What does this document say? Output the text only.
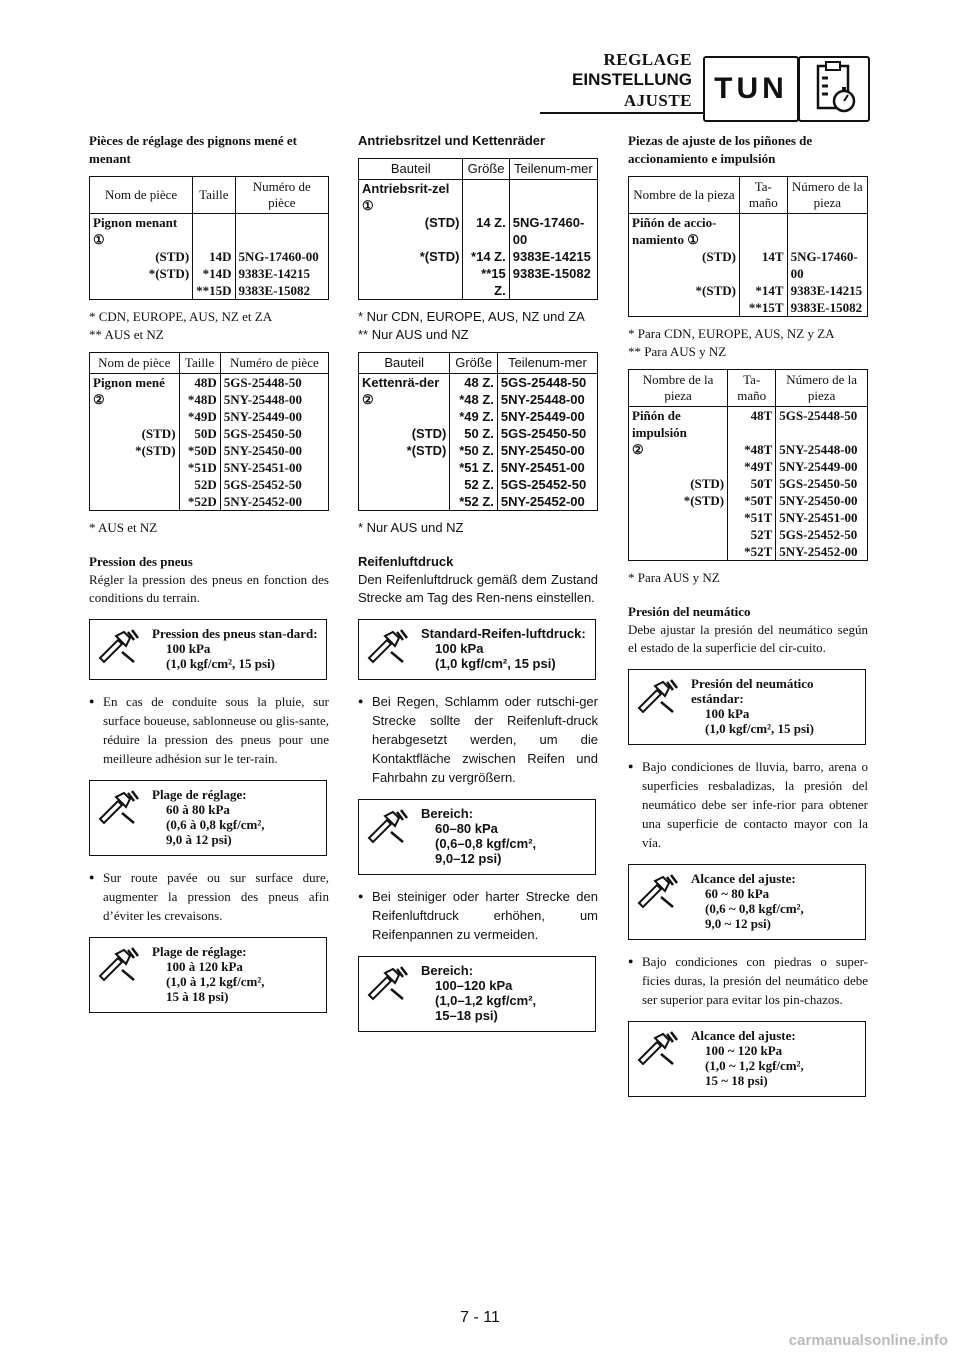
REGLAGE
EINSTELLUNG
AJUSTE TUN
Pièces de réglage des pignons mené et menant
Nom de pièce	Taille	Numéro de pièce
Pignon menant ①		
(STD)	14D	5NG-17460-00
*(STD)	*14D	9383E-14215
	**15D	9383E-15082
* CDN, EUROPE, AUS, NZ et ZA
** AUS et NZ
Nom de pièce	Taille	Numéro de pièce
Pignon mené	48D	5GS-25448-50
②	*48D	5NY-25448-00
	*49D	5NY-25449-00
(STD)	50D	5GS-25450-50
*(STD)	*50D	5NY-25450-00
	*51D	5NY-25451-00
	52D	5GS-25452-50
	*52D	5NY-25452-00
* AUS et NZ
Pression des pneus
Régler la pression des pneus en fonction des conditions du terrain.
Pression des pneus stan-dard:
100 kPa
(1,0 kgf/cm², 15 psi)
● En cas de conduite sous la pluie, sur surface boueuse, sablonneuse ou glis-sante, réduire la pression des pneus pour une meilleure adhésion sur le ter-rain.
Plage de réglage:
60 à 80 kPa
(0,6 à 0,8 kgf/cm²,
9,0 à 12 psi)
● Sur route pavée ou sur surface dure, augmenter la pression des pneus afin d’éviter les crevaisons.
Plage de réglage:
100 à 120 kPa
(1,0 à 1,2 kgf/cm²,
15 à 18 psi)
Antriebsritzel und Kettenräder
Bauteil	Größe	Teilenum-mer
Antriebsrit-zel ①		
(STD)	14 Z.	5NG-17460-00
*(STD)	*14 Z.	9383E-14215
	**15 Z.	9383E-15082
* Nur CDN, EUROPE, AUS, NZ und ZA
** Nur AUS und NZ
Bauteil	Größe	Teilenum-mer
Kettenrä-der	48 Z.	5GS-25448-50
②	*48 Z.	5NY-25448-00
	*49 Z.	5NY-25449-00
(STD)	50 Z.	5GS-25450-50
*(STD)	*50 Z.	5NY-25450-00
	*51 Z.	5NY-25451-00
	52 Z.	5GS-25452-50
	*52 Z.	5NY-25452-00
* Nur AUS und NZ
Reifenluftdruck
Den Reifenluftdruck gemäß dem Zustand Strecke am Tag des Ren-nens einstellen.
Standard-Reifen-luftdruck:
100 kPa
(1,0 kgf/cm², 15 psi)
● Bei Regen, Schlamm oder rutschi-ger Strecke sollte der Reifenluft-druck herabgesetzt werden, um die Kontaktfläche zwischen Reifen und Fahrbahn zu vergrößern.
Bereich:
60–80 kPa
(0,6–0,8 kgf/cm²,
9,0–12 psi)
● Bei steiniger oder harter Strecke den Reifenluftdruck erhöhen, um Reifenpannen zu vermeiden.
Bereich:
100–120 kPa
(1,0–1,2 kgf/cm²,
15–18 psi)
Piezas de ajuste de los piñones de accionamiento e impulsión
Nombre de la pieza	Ta-maño	Número de la pieza
Piñón de accio-namiento ①		
(STD)	14T	5NG-17460-00
*(STD)	*14T	9383E-14215
	**15T	9383E-15082
* Para CDN, EUROPE, AUS, NZ y ZA
** Para AUS y NZ
Nombre de la pieza	Ta-maño	Número de la pieza
Piñón de impulsión	48T	5GS-25448-50
②	*48T	5NY-25448-00
	*49T	5NY-25449-00
(STD)	50T	5GS-25450-50
*(STD)	*50T	5NY-25450-00
	*51T	5NY-25451-00
	52T	5GS-25452-50
	*52T	5NY-25452-00
* Para AUS y NZ
Presión del neumático
Debe ajustar la presión del neumático según el estado de la superficie del cir-cuito.
Presión del neumático estándar:
100 kPa
(1,0 kgf/cm², 15 psi)
● Bajo condiciones de lluvia, barro, arena o superficies resbaladizas, la presión del neumático debe ser infe-rior para obtener una superficie de contacto mayor con la vía.
Alcance del ajuste:
60 ~ 80 kPa
(0,6 ~ 0,8 kgf/cm²,
9,0 ~ 12 psi)
● Bajo condiciones con piedras o super-ficies duras, la presión del neumático debe ser superior para evitar los pin-chazos.
Alcance del ajuste:
100 ~ 120 kPa
(1,0 ~ 1,2 kgf/cm²,
15 ~ 18 psi)
7 - 11
carmanualsonline.info
